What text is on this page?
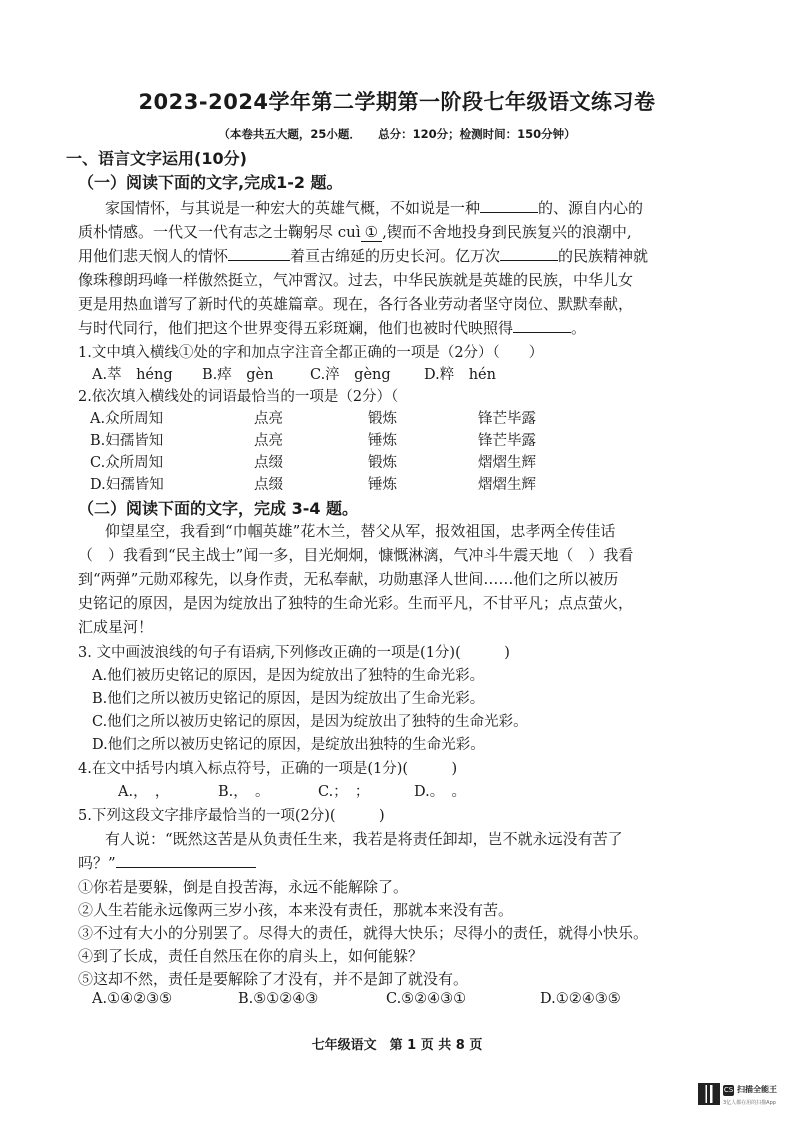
2023-2024学年第二学期第一阶段七年级语文练习卷
（本卷共五大题，25小题．　　总分：120分；检测时间：150分钟）
一、语言文字运用(10分)
（一）阅读下面的文字,完成1-2 题。
家国情怀，与其说是一种宏大的英雄气概，不如说是一种	的、源自内心的
质朴情感。一代又一代有志之士鞠躬尽 cuì ① ,锲而不舍地投身到民族复兴的浪潮中,
用他们悲天悯人的情怀	着亘古绵延的历史长河。亿万次	的民族精神就
像珠穆朗玛峰一样傲然挺立，气冲霄汉。过去，中华民族就是英雄的民族，中华儿女
更是用热血谱写了新时代的英雄篇章。现在，各行各业劳动者坚守岗位、默默奉献，
与时代同行，他们把这个世界变得五彩斑斓，他们也被时代映照得	。
1.文中填入横线①处的字和加点字注音全都正确的一项是（2分）（　　）
A.萃　héng B.瘁　gèn	C.淬　gèng D.粹　hén
2.依次填入横线处的词语最恰当的一项是（2分）（
A.众所周知	点亮	锻炼	锋芒毕露
B.妇孺皆知	点亮	锤炼	锋芒毕露
C.众所周知	点缀	锻炼	熠熠生辉
D.妇孺皆知	点缀	锤炼	熠熠生辉
（二）阅读下面的文字，完成 3-4 题。
仰望星空，我看到“巾帼英雄”花木兰，替父从军，报效祖国，忠孝两全传佳话
（　）我看到“民主战士”闻一多，目光炯炯，慷慨淋漓，气冲斗牛震天地（　）我看
到“两弹”元勋邓稼先，以身作责，无私奉献，功勋惠泽人世间……他们之所以被历
史铭记的原因，是因为绽放出了独特的生命光彩。生而平凡，不甘平凡；点点萤火，
汇成星河！
3. 文中画波浪线的句子有语病,下列修改正确的一项是(1分)(　　　)
A.他们被历史铭记的原因，是因为绽放出了独特的生命光彩。
B.他们之所以被历史铭记的原因，是因为绽放出了生命光彩。
C.他们之所以被历史铭记的原因，是因为绽放出了独特的生命光彩。
D.他们之所以被历史铭记的原因，是绽放出独特的生命光彩。
4.在文中括号内填入标点符号，正确的一项是(1分)(　　　)
A.，　，	B.，　。	C.；　；	D.。　。
5.下列这段文字排序最恰当的一项(2分)(　　　)
有人说：“既然这苦是从负责任生来，我若是将责任卸却，岂不就永远没有苦了
吗？”
①你若是要躲，倒是自投苦海，永远不能解除了。
②人生若能永远像两三岁小孩，本来没有责任，那就本来没有苦。
③不过有大小的分别罢了。尽得大的责任，就得大快乐；尽得小的责任，就得小快乐。
④到了长成，责任自然压在你的肩头上，如何能躲？
⑤这却不然，责任是要解除了才没有，并不是卸了就没有。
A.①④②③⑤	B.⑤①②④③	C.⑤②④③①	D.①②④③⑤
七年级语文　第 1 页 共 8 页
CS 扫描全能王
3亿人都在用的扫描App
